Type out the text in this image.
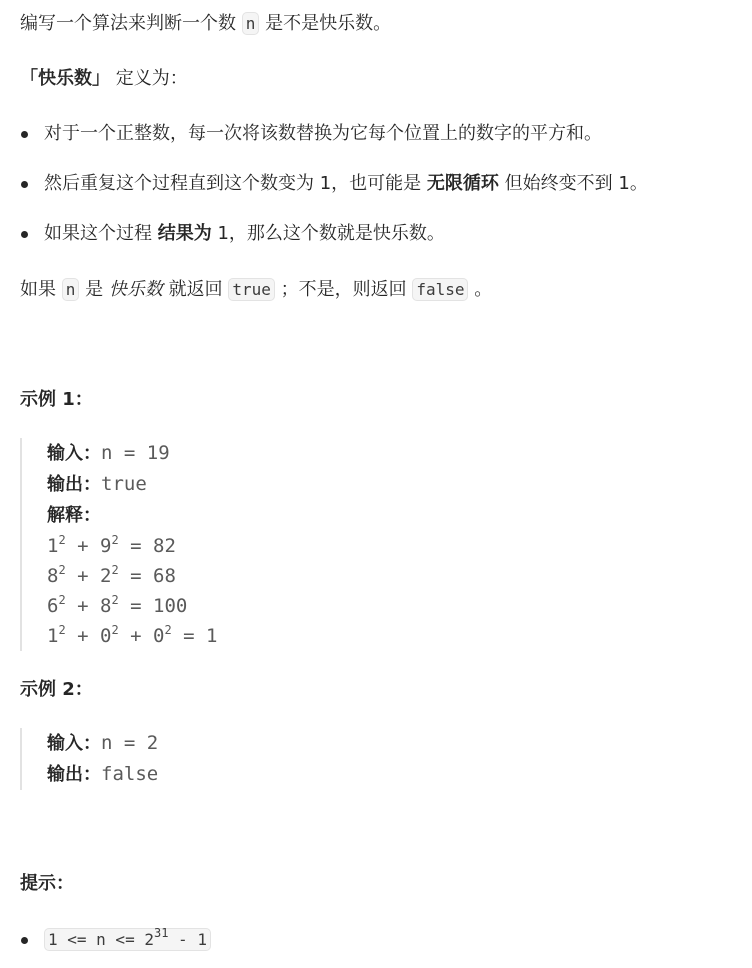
编写一个算法来判断一个数 n 是不是快乐数。
「快乐数」 定义为：
对于一个正整数，每一次将该数替换为它每个位置上的数字的平方和。
然后重复这个过程直到这个数变为 1，也可能是 无限循环 但始终变不到 1。
如果这个过程 结果为 1，那么这个数就是快乐数。
如果 n 是 快乐数 就返回 true ；不是，则返回 false 。
示例 1：
输入：n = 19
输出：true
解释：
$1^2 + 9^2 = 82$
$8^2 + 2^2 = 68$
$6^2 + 8^2 = 100$
$1^2 + 0^2 + 0^2 = 1$
示例 2：
输入：n = 2
输出：false
提示：
$1 <= n <= 2^{31} - 1$
